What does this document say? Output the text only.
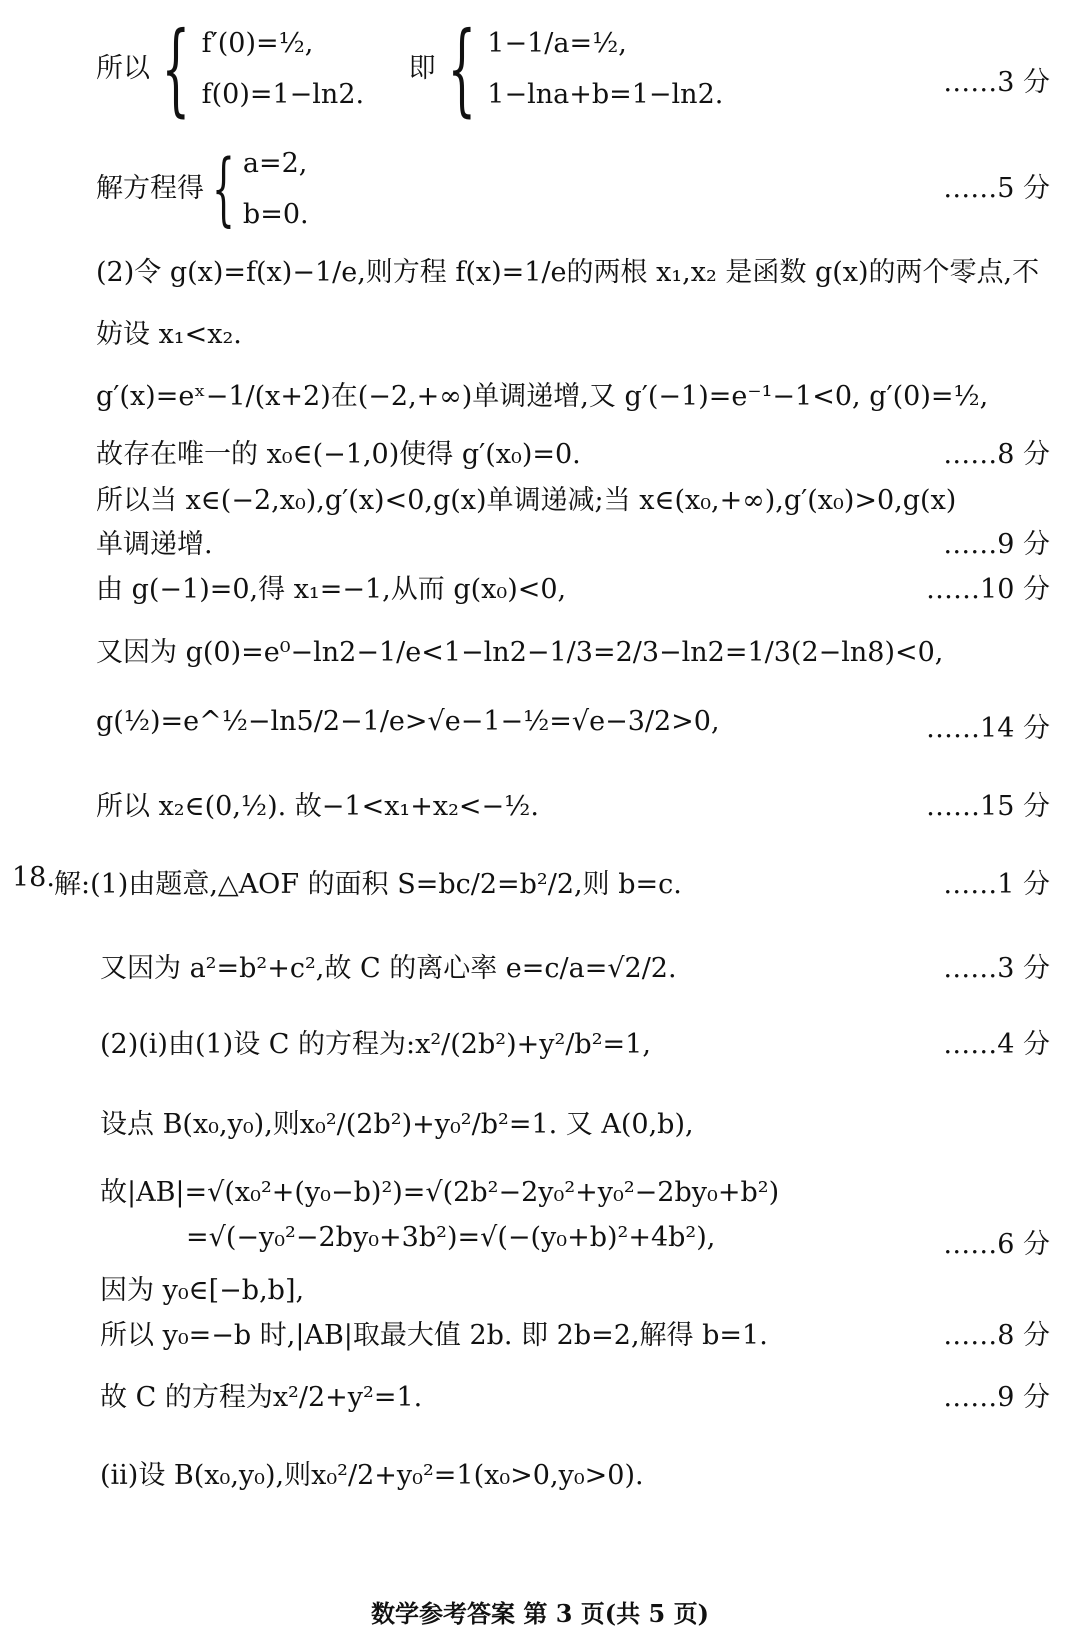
所以 { f′(0)=½,
f(0)=1−ln2.
即 { 1−1/a=½,
1−lna+b=1−ln2.	……3 分
解方程得{ a=2,
b=0.
……5 分
(2)令 g(x)=f(x)−1/e,则方程 f(x)=1/e的两根 x₁,x₂ 是函数 g(x)的两个零点,不
妨设 x₁<x₂.
g′(x)=eˣ−1/(x+2)在(−2,+∞)单调递增,又 g′(−1)=e⁻¹−1<0, g′(0)=½,
故存在唯一的 x₀∈(−1,0)使得 g′(x₀)=0.	……8 分
所以当 x∈(−2,x₀),g′(x)<0,g(x)单调递减;当 x∈(x₀,+∞),g′(x₀)>0,g(x)
单调递增.	……9 分
由 g(−1)=0,得 x₁=−1,从而 g(x₀)<0,	……10 分
又因为 g(0)=e⁰−ln2−1/e<1−ln2−1/3=2/3−ln2=1/3(2−ln8)<0,
g(½)=e^½−ln5/2−1/e>√e−1−½=√e−3/2>0,	……14 分
所以 x₂∈(0,½). 故−1<x₁+x₂<−½.	……15 分
18. 解:(1)由题意,△AOF 的面积 S=bc/2=b²/2,则 b=c.	……1 分
又因为 a²=b²+c²,故 C 的离心率 e=c/a=√2/2.	……3 分
(2)(i)由(1)设 C 的方程为:x²/(2b²)+y²/b²=1,	……4 分
设点 B(x₀,y₀),则x₀²/(2b²)+y₀²/b²=1. 又 A(0,b),
故|AB|=√(x₀²+(y₀−b)²)=√(2b²−2y₀²+y₀²−2by₀+b²)
=√(−y₀²−2by₀+3b²)=√(−(y₀+b)²+4b²),	……6 分
因为 y₀∈[−b,b],
所以 y₀=−b 时,|AB|取最大值 2b. 即 2b=2,解得 b=1.	……8 分
故 C 的方程为x²/2+y²=1.	……9 分
(ii)设 B(x₀,y₀),则x₀²/2+y₀²=1(x₀>0,y₀>0).
数学参考答案 第 3 页(共 5 页)
